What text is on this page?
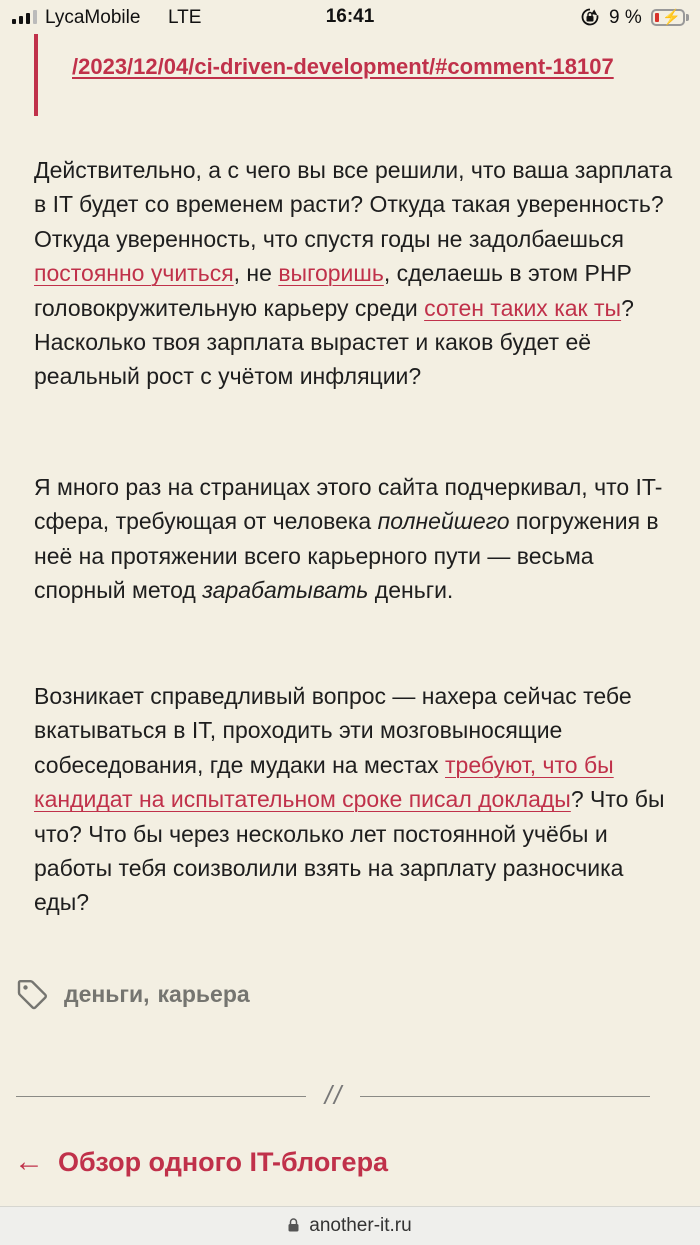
LycaMobile LTE	16:41	9 % ⚡
/2023/12/04/ci-driven-development/#comment-18107
Действительно, а с чего вы все решили, что ваша зарплата в IT будет со временем расти? Откуда такая уверенность? Откуда уверенность, что спустя годы не задолбаешься постоянно учиться, не выгоришь, сделаешь в этом PHP головокружительную карьеру среди сотен таких как ты? Насколько твоя зарплата вырастет и каков будет её реальный рост с учётом инфляции?
Я много раз на страницах этого сайта подчеркивал, что IT-сфера, требующая от человека полнейшего погружения в неё на протяжении всего карьерного пути — весьма спорный метод зарабатывать деньги.
Возникает справедливый вопрос — нахера сейчас тебе вкатываться в IT, проходить эти мозговыносящие собеседования, где мудаки на местах требуют, что бы кандидат на испытательном сроке писал доклады? Что бы что? Что бы через несколько лет постоянной учёбы и работы тебя соизволили взять на зарплату разносчика еды?
деньги , карьера
//
← Обзор одного IT-блогера
another-it.ru
